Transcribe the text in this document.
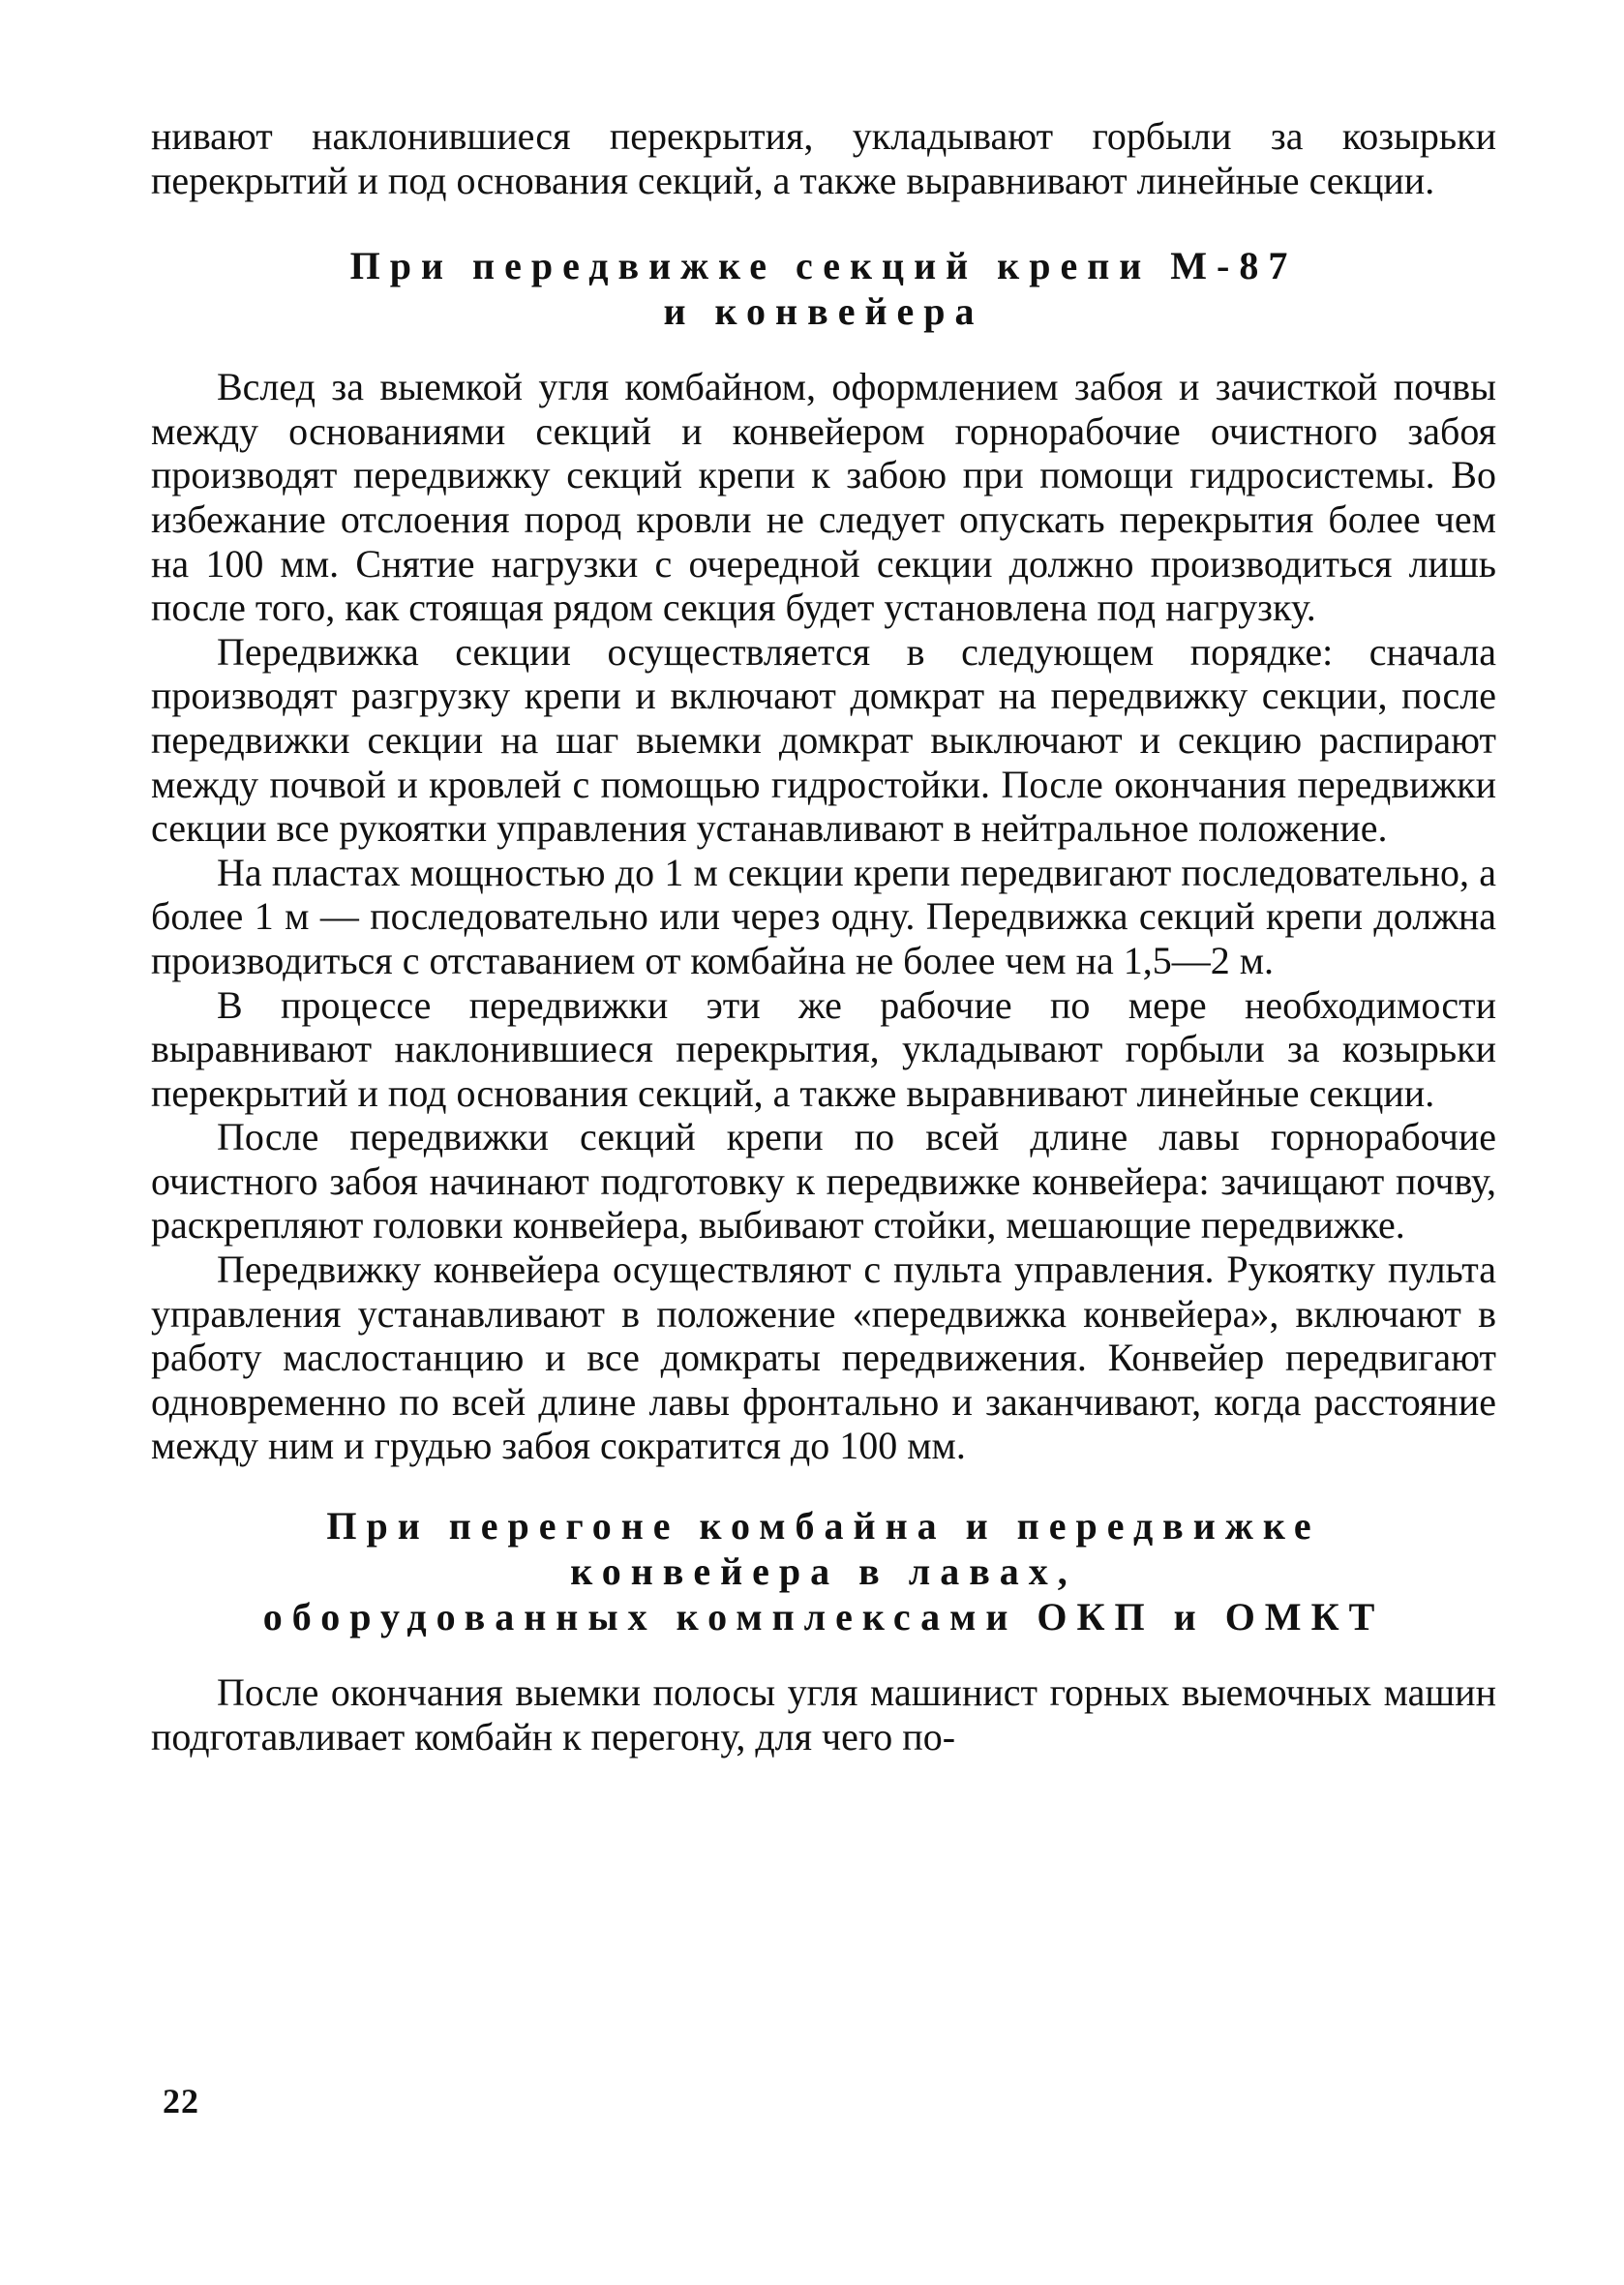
нивают наклонившиеся перекрытия, укладывают горбыли за козырьки перекрытий и под основания секций, а также выравнивают линейные секции.

При передвижке секций крепи М-87
и конвейера

Вслед за выемкой угля комбайном, оформлением забоя и зачисткой почвы между основаниями секций и конвейером горнорабочие очистного забоя производят передвижку секций крепи к забою при помощи гидросистемы. Во избежание отслоения пород кровли не следует опускать перекрытия более чем на 100 мм. Снятие нагрузки с очередной секции должно производиться лишь после того, как стоящая рядом секция будет установлена под нагрузку.

Передвижка секции осуществляется в следующем порядке: сначала производят разгрузку крепи и включают домкрат на передвижку секции, после передвижки секции на шаг выемки домкрат выключают и секцию распирают между почвой и кровлей с помощью гидростойки. После окончания передвижки секции все рукоятки управления устанавливают в нейтральное положение.

На пластах мощностью до 1 м секции крепи передвигают последовательно, а более 1 м — последовательно или через одну. Передвижка секций крепи должна производиться с отставанием от комбайна не более чем на 1,5—2 м.

В процессе передвижки эти же рабочие по мере необходимости выравнивают наклонившиеся перекрытия, укладывают горбыли за козырьки перекрытий и под основания секций, а также выравнивают линейные секции.

После передвижки секций крепи по всей длине лавы горнорабочие очистного забоя начинают подготовку к передвижке конвейера: зачищают почву, раскрепляют головки конвейера, выбивают стойки, мешающие передвижке.

Передвижку конвейера осуществляют с пульта управления. Рукоятку пульта управления устанавливают в положение «передвижка конвейера», включают в работу маслостанцию и все домкраты передвижения. Конвейер передвигают одновременно по всей длине лавы фронтально и заканчивают, когда расстояние между ним и грудью забоя сократится до 100 мм.

При перегоне комбайна и передвижке
конвейера в лавах,
оборудованных комплексами ОКП и ОМКТ

После окончания выемки полосы угля машинист горных выемочных машин подготавливает комбайн к перегону, для чего по-

22
